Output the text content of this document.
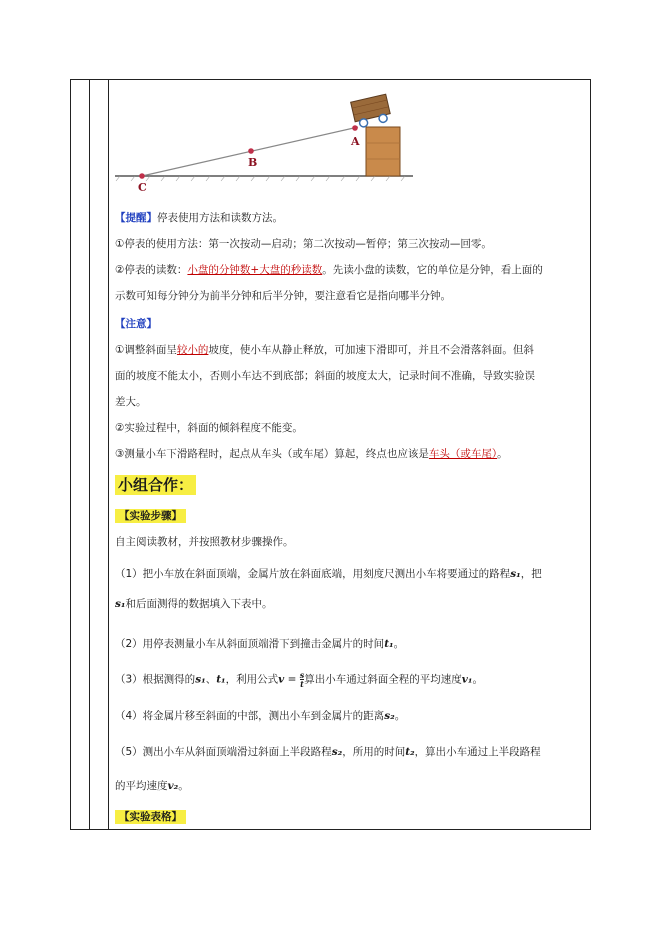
C
B
A
【提醒】停表使用方法和读数方法。
①停表的使用方法：第一次按动—启动；第二次按动—暂停；第三次按动—回零。
②停表的读数：小盘的分钟数+大盘的秒读数。先读小盘的读数，它的单位是分钟，看上面的
示数可知每分钟分为前半分钟和后半分钟，要注意看它是指向哪半分钟。
【注意】
①调整斜面呈较小的坡度，使小车从静止释放，可加速下滑即可，并且不会滑落斜面。但斜
面的坡度不能太小，否则小车达不到底部；斜面的坡度太大，记录时间不准确，导致实验误
差大。
②实验过程中，斜面的倾斜程度不能变。
③测量小车下滑路程时，起点从车头（或车尾）算起，终点也应该是车头（或车尾）。
小组合作：
【实验步骤】
自主阅读教材，并按照教材步骤操作。
（1）把小车放在斜面顶端，金属片放在斜面底端，用刻度尺测出小车将要通过的路程s₁，把
s₁和后面测得的数据填入下表中。
（2）用停表测量小车从斜面顶端滑下到撞击金属片的时间t₁。
（3）根据测得的s₁、t₁，利用公式$v = \frac{s}{t}$ 算出小车通过斜面全程的平均速度v₁。
（4）将金属片移至斜面的中部，测出小车到金属片的距离s₂。
（5）测出小车从斜面顶端滑过斜面上半段路程s₂，所用的时间t₂，算出小车通过上半段路程
的平均速度v₂。
【实验表格】
